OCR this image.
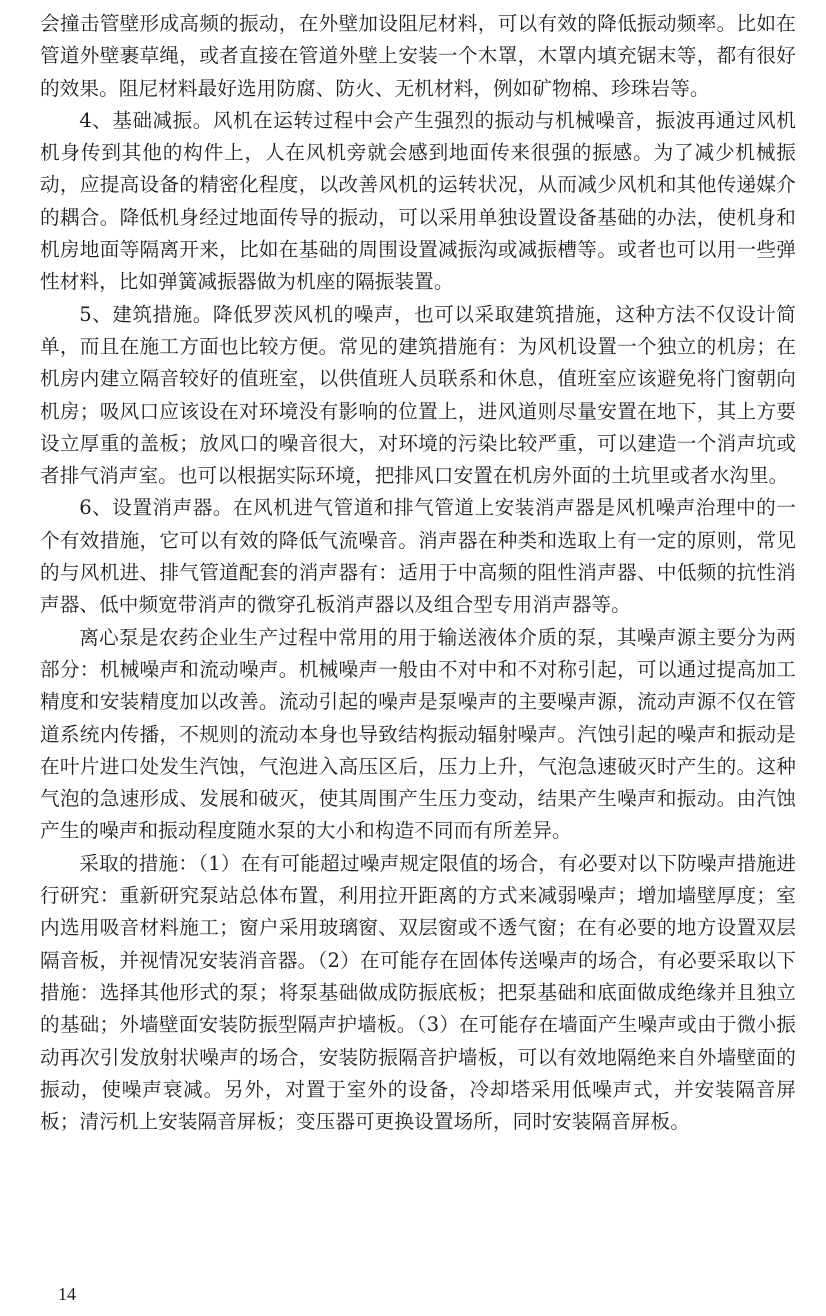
会撞击管壁形成高频的振动，在外壁加设阻尼材料，可以有效的降低振动频率。比如在管道外壁裹草绳，或者直接在管道外壁上安装一个木罩，木罩内填充锯末等，都有很好的效果。阻尼材料最好选用防腐、防火、无机材料，例如矿物棉、珍珠岩等。

4、基础减振。风机在运转过程中会产生强烈的振动与机械噪音，振波再通过风机机身传到其他的构件上，人在风机旁就会感到地面传来很强的振感。为了减少机械振动，应提高设备的精密化程度，以改善风机的运转状况，从而减少风机和其他传递媒介的耦合。降低机身经过地面传导的振动，可以采用单独设置设备基础的办法，使机身和机房地面等隔离开来，比如在基础的周围设置减振沟或减振槽等。或者也可以用一些弹性材料，比如弹簧减振器做为机座的隔振装置。

5、建筑措施。降低罗茨风机的噪声，也可以采取建筑措施，这种方法不仅设计简单，而且在施工方面也比较方便。常见的建筑措施有：为风机设置一个独立的机房；在机房内建立隔音较好的值班室，以供值班人员联系和休息，值班室应该避免将门窗朝向机房；吸风口应该设在对环境没有影响的位置上，进风道则尽量安置在地下，其上方要设立厚重的盖板；放风口的噪音很大，对环境的污染比较严重，可以建造一个消声坑或者排气消声室。也可以根据实际环境，把排风口安置在机房外面的土坑里或者水沟里。

6、设置消声器。在风机进气管道和排气管道上安装消声器是风机噪声治理中的一个有效措施，它可以有效的降低气流噪音。消声器在种类和选取上有一定的原则，常见的与风机进、排气管道配套的消声器有：适用于中高频的阻性消声器、中低频的抗性消声器、低中频宽带消声的微穿孔板消声器以及组合型专用消声器等。

离心泵是农药企业生产过程中常用的用于输送液体介质的泵，其噪声源主要分为两部分：机械噪声和流动噪声。机械噪声一般由不对中和不对称引起，可以通过提高加工精度和安装精度加以改善。流动引起的噪声是泵噪声的主要噪声源，流动声源不仅在管道系统内传播，不规则的流动本身也导致结构振动辐射噪声。汽蚀引起的噪声和振动是在叶片进口处发生汽蚀，气泡进入高压区后，压力上升，气泡急速破灭时产生的。这种气泡的急速形成、发展和破灭，使其周围产生压力变动，结果产生噪声和振动。由汽蚀产生的噪声和振动程度随水泵的大小和构造不同而有所差异。

采取的措施：（1）在有可能超过噪声规定限值的场合，有必要对以下防噪声措施进行研究：重新研究泵站总体布置，利用拉开距离的方式来减弱噪声；增加墙壁厚度；室内选用吸音材料施工；窗户采用玻璃窗、双层窗或不透气窗；在有必要的地方设置双层隔音板，并视情况安装消音器。（2）在可能存在固体传送噪声的场合，有必要采取以下措施：选择其他形式的泵；将泵基础做成防振底板；把泵基础和底面做成绝缘并且独立的基础；外墙壁面安装防振型隔声护墙板。（3）在可能存在墙面产生噪声或由于微小振动再次引发放射状噪声的场合，安装防振隔音护墙板，可以有效地隔绝来自外墙壁面的振动，使噪声衰减。另外，对置于室外的设备，冷却塔采用低噪声式，并安装隔音屏板；清污机上安装隔音屏板；变压器可更换设置场所，同时安装隔音屏板。

14
